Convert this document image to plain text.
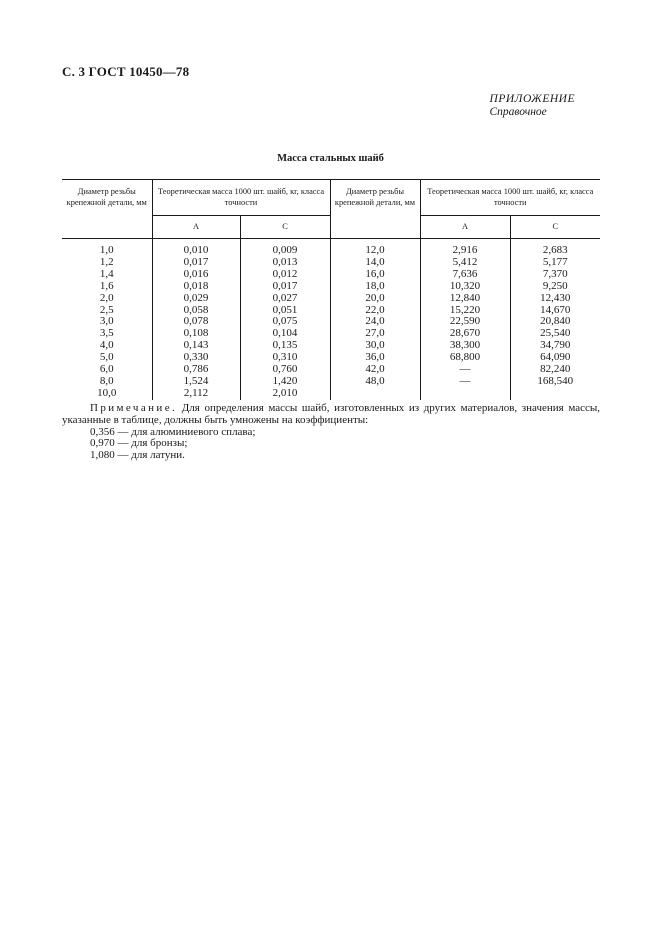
С. 3 ГОСТ 10450—78
ПРИЛОЖЕНИЕ
Справочное
Масса стальных шайб
Диаметр резьбы крепежной детали, мм	Теоретическая масса 1000 шт. шайб, кг, класса точности		Диаметр резьбы крепежной детали, мм	Теоретическая масса 1000 шт. шайб, кг, класса точности	
	А	С		А	С
1,0	0,010	0,009	12,0	2,916	2,683
1,2	0,017	0,013	14,0	5,412	5,177
1,4	0,016	0,012	16,0	7,636	7,370
1,6	0,018	0,017	18,0	10,320	9,250
2,0	0,029	0,027	20,0	12,840	12,430
2,5	0,058	0,051	22,0	15,220	14,670
3,0	0,078	0,075	24,0	22,590	20,840
3,5	0,108	0,104	27,0	28,670	25,540
4,0	0,143	0,135	30,0	38,300	34,790
5,0	0,330	0,310	36,0	68,800	64,090
6,0	0,786	0,760	42,0	—	82,240
8,0	1,524	1,420	48,0	—	168,540
10,0	2,112	2,010			

Примечание. Для определения массы шайб, изготовленных из других материалов, значения массы, указанные в таблице, должны быть умножены на коэффициенты:

0,356 — для алюминиевого сплава;
0,970 — для бронзы;
1,080 — для латуни.
